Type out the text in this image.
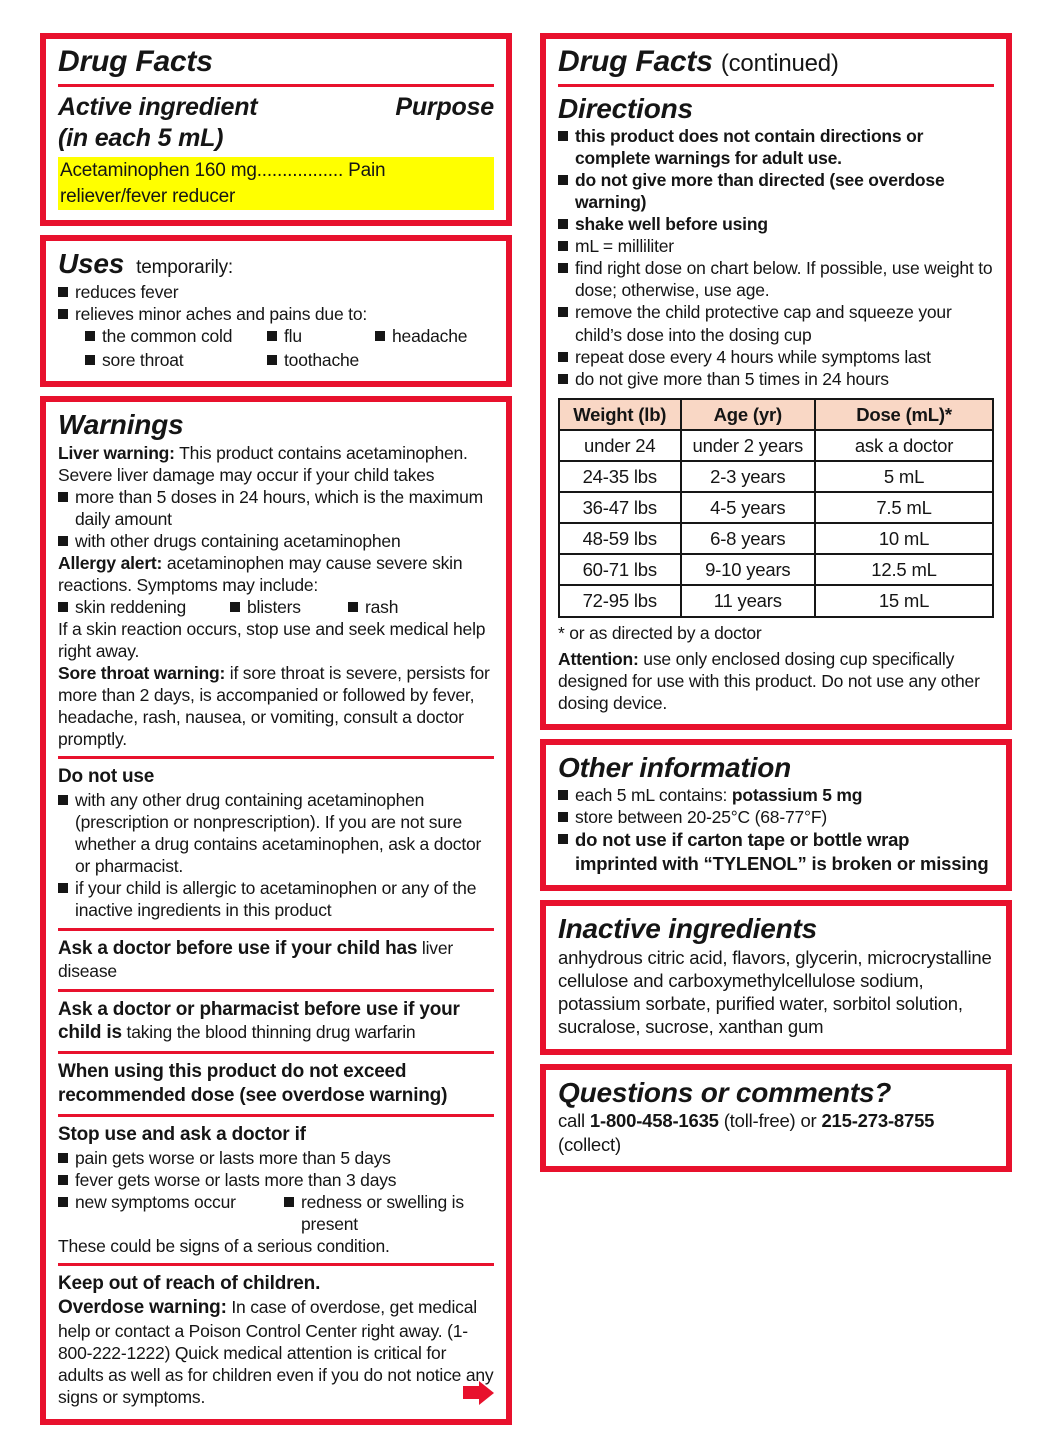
Drug Facts
Active ingredient	Purpose
(in each 5 mL)
Acetaminophen 160 mg................. Pain reliever/fever reducer
Uses temporarily:
reduces fever
relieves minor aches and pains due to:
the common cold	flu	headache
sore throat	toothache
Warnings
Liver warning: This product contains acetaminophen. Severe liver damage may occur if your child takes
more than 5 doses in 24 hours, which is the maximum daily amount
with other drugs containing acetaminophen
Allergy alert: acetaminophen may cause severe skin reactions. Symptoms may include:
skin reddening	blisters	rash
If a skin reaction occurs, stop use and seek medical help right away.
Sore throat warning: if sore throat is severe, persists for more than 2 days, is accompanied or followed by fever, headache, rash, nausea, or vomiting, consult a doctor promptly.
Do not use
with any other drug containing acetaminophen (prescription or nonprescription). If you are not sure whether a drug contains acetaminophen, ask a doctor or pharmacist.
if your child is allergic to acetaminophen or any of the inactive ingredients in this product
Ask a doctor before use if your child has liver disease
Ask a doctor or pharmacist before use if your child is taking the blood thinning drug warfarin
When using this product do not exceed recommended dose (see overdose warning)
Stop use and ask a doctor if
pain gets worse or lasts more than 5 days
fever gets worse or lasts more than 3 days
new symptoms occur	redness or swelling is present
These could be signs of a serious condition.
Keep out of reach of children.
Overdose warning: In case of overdose, get medical help or contact a Poison Control Center right away. (1-800-222-1222) Quick medical attention is critical for adults as well as for children even if you do not notice any signs or symptoms.
Drug Facts (continued)
Directions
this product does not contain directions or complete warnings for adult use.
do not give more than directed (see overdose warning)
shake well before using
mL = milliliter
find right dose on chart below. If possible, use weight to dose; otherwise, use age.
remove the child protective cap and squeeze your child’s dose into the dosing cup
repeat dose every 4 hours while symptoms last
do not give more than 5 times in 24 hours
Weight (lb)	Age (yr)	Dose (mL)*
under 24	under 2 years	ask a doctor
24-35 lbs	2-3 years	5 mL
36-47 lbs	4-5 years	7.5 mL
48-59 lbs	6-8 years	10 mL
60-71 lbs	9-10 years	12.5 mL
72-95 lbs	11 years	15 mL
* or as directed by a doctor
Attention: use only enclosed dosing cup specifically designed for use with this product. Do not use any other dosing device.
Other information
each 5 mL contains: potassium 5 mg
store between 20-25°C (68-77°F)
do not use if carton tape or bottle wrap imprinted with “TYLENOL” is broken or missing
Inactive ingredients
anhydrous citric acid, flavors, glycerin, microcrystalline cellulose and carboxymethylcellulose sodium, potassium sorbate, purified water, sorbitol solution, sucralose, sucrose, xanthan gum
Questions or comments?
call 1-800-458-1635 (toll-free) or 215-273-8755 (collect)
